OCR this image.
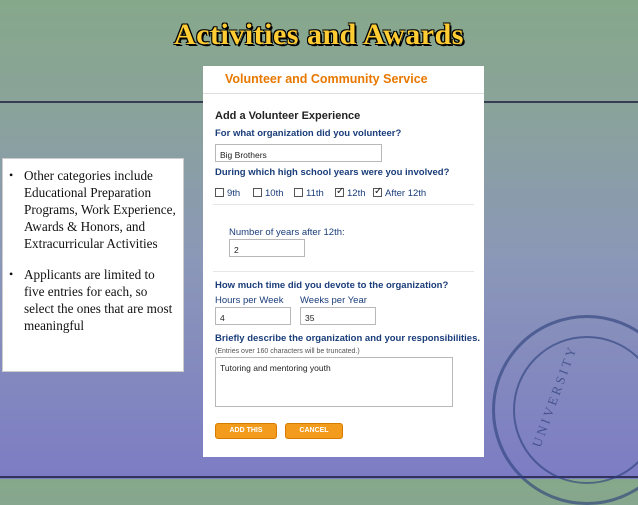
Activities and Awards
UNIVERSITY
• Other categories include Educational Preparation Programs, Work Experience, Awards & Honors, and Extracurricular Activities
• Applicants are limited to five entries for each, so select the ones that are most meaningful
Volunteer and Community Service
Add a Volunteer Experience
For what organization did you volunteer?
Big Brothers
During which high school years were you involved?
9th	10th	11th ✓ 12th ✓ After 12th
Number of years after 12th:
2
How much time did you devote to the organization?
Hours per Week Weeks per Year
4	35
Briefly describe the organization and your responsibilities.
(Entries over 160 characters will be truncated.)
Tutoring and mentoring youth
ADD THIS	CANCEL
